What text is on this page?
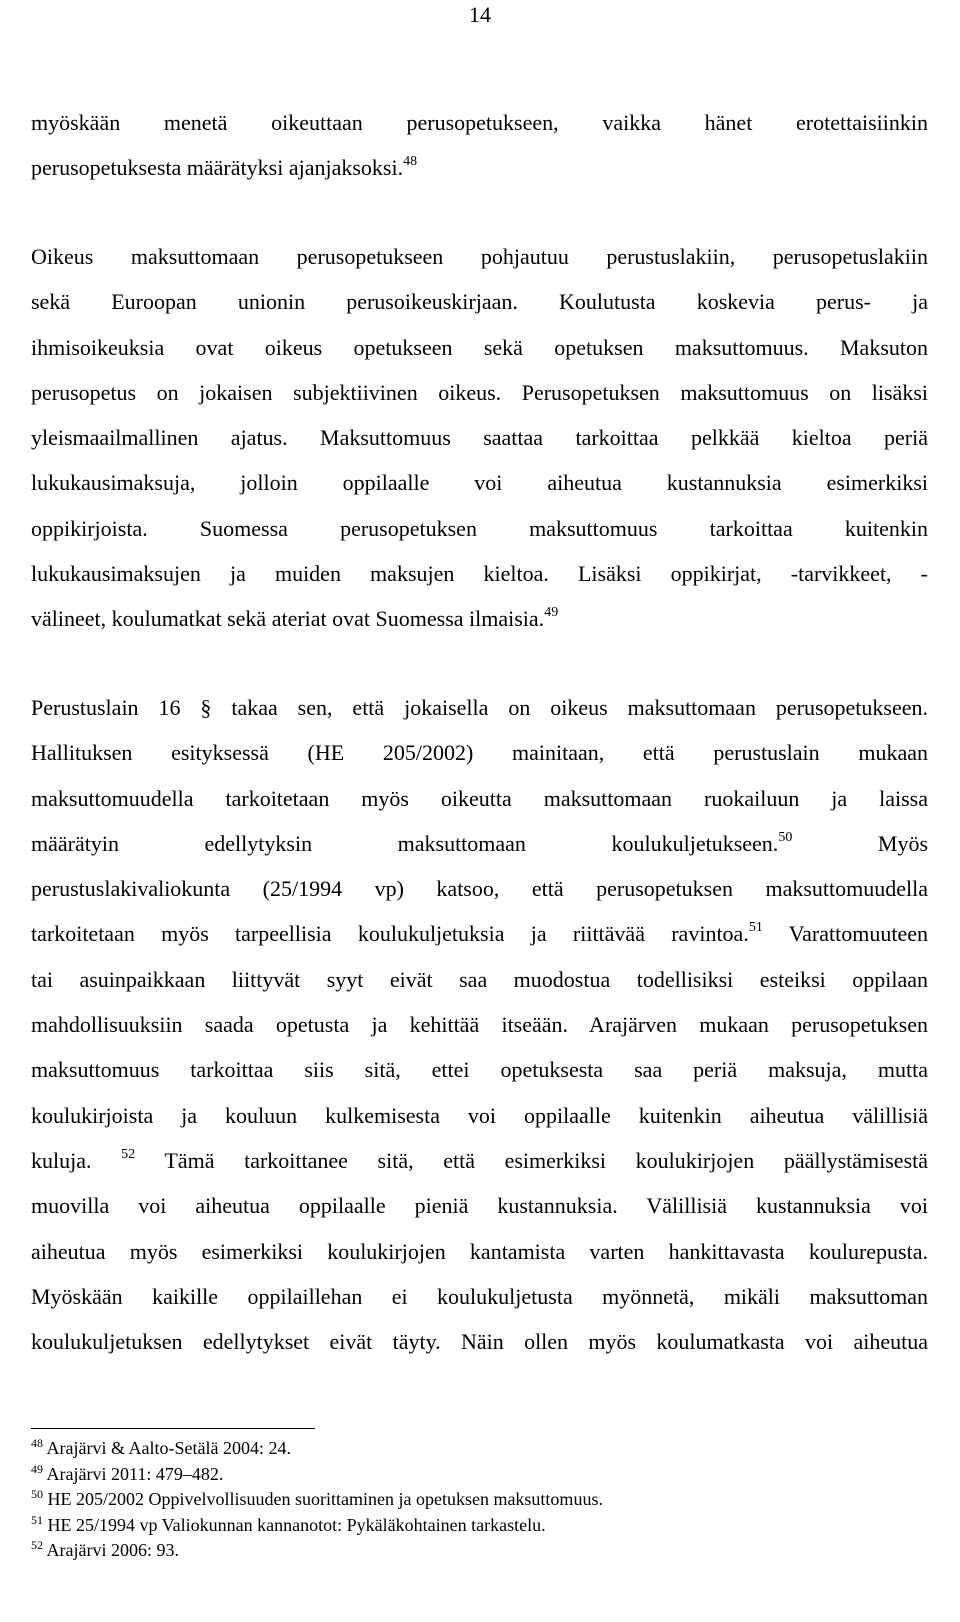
14
myöskään menetä oikeuttaan perusopetukseen, vaikka hänet erotettaisiinkin
perusopetuksesta määrätyksi ajanjaksoksi.$^{48}$
Oikeus maksuttomaan perusopetukseen pohjautuu perustuslakiin, perusopetuslakiin
sekä Euroopan unionin perusoikeuskirjaan. Koulutusta koskevia perus- ja
ihmisoikeuksia ovat oikeus opetukseen sekä opetuksen maksuttomuus. Maksuton
perusopetus on jokaisen subjektiivinen oikeus. Perusopetuksen maksuttomuus on lisäksi
yleismaailmallinen ajatus. Maksuttomuus saattaa tarkoittaa pelkkää kieltoa periä
lukukausimaksuja, jolloin oppilaalle voi aiheutua kustannuksia esimerkiksi
oppikirjoista. Suomessa perusopetuksen maksuttomuus tarkoittaa kuitenkin
lukukausimaksujen ja muiden maksujen kieltoa. Lisäksi oppikirjat, -tarvikkeet, -
välineet, koulumatkat sekä ateriat ovat Suomessa ilmaisia.$^{49}$
Perustuslain 16 § takaa sen, että jokaisella on oikeus maksuttomaan perusopetukseen.
Hallituksen esityksessä (HE 205/2002) mainitaan, että perustuslain mukaan
maksuttomuudella tarkoitetaan myös oikeutta maksuttomaan ruokailuun ja laissa
määrätyin edellytyksin maksuttomaan koulukuljetukseen.$^{50}$	Myös
perustuslakivaliokunta (25/1994 vp) katsoo, että perusopetuksen maksuttomuudella
tarkoitetaan myös tarpeellisia koulukuljetuksia ja riittävää ravintoa.$^{51}$ Varattomuuteen
tai asuinpaikkaan liittyvät syyt eivät saa muodostua todellisiksi esteiksi oppilaan
mahdollisuuksiin saada opetusta ja kehittää itseään. Arajärven mukaan perusopetuksen
maksuttomuus tarkoittaa siis sitä, ettei opetuksesta saa periä maksuja, mutta
koulukirjoista ja kouluun kulkemisesta voi oppilaalle kuitenkin aiheutua välillisiä
kuluja. $^{52}$ Tämä tarkoittanee sitä, että esimerkiksi koulukirjojen päällystämisestä
muovilla voi aiheutua oppilaalle pieniä kustannuksia. Välillisiä kustannuksia voi
aiheutua myös esimerkiksi koulukirjojen kantamista varten hankittavasta koulurepusta.
Myöskään kaikille oppilaillehan ei koulukuljetusta myönnetä, mikäli maksuttoman
koulukuljetuksen edellytykset eivät täyty. Näin ollen myös koulumatkasta voi aiheutua
$^{48}$ Arajärvi & Aalto-Setälä 2004: 24.
$^{49}$ Arajärvi 2011: 479–482.
$^{50}$ HE 205/2002 Oppivelvollisuuden suorittaminen ja opetuksen maksuttomuus.
$^{51}$ HE 25/1994 vp Valiokunnan kannanotot: Pykäläkohtainen tarkastelu.
$^{52}$ Arajärvi 2006: 93.
